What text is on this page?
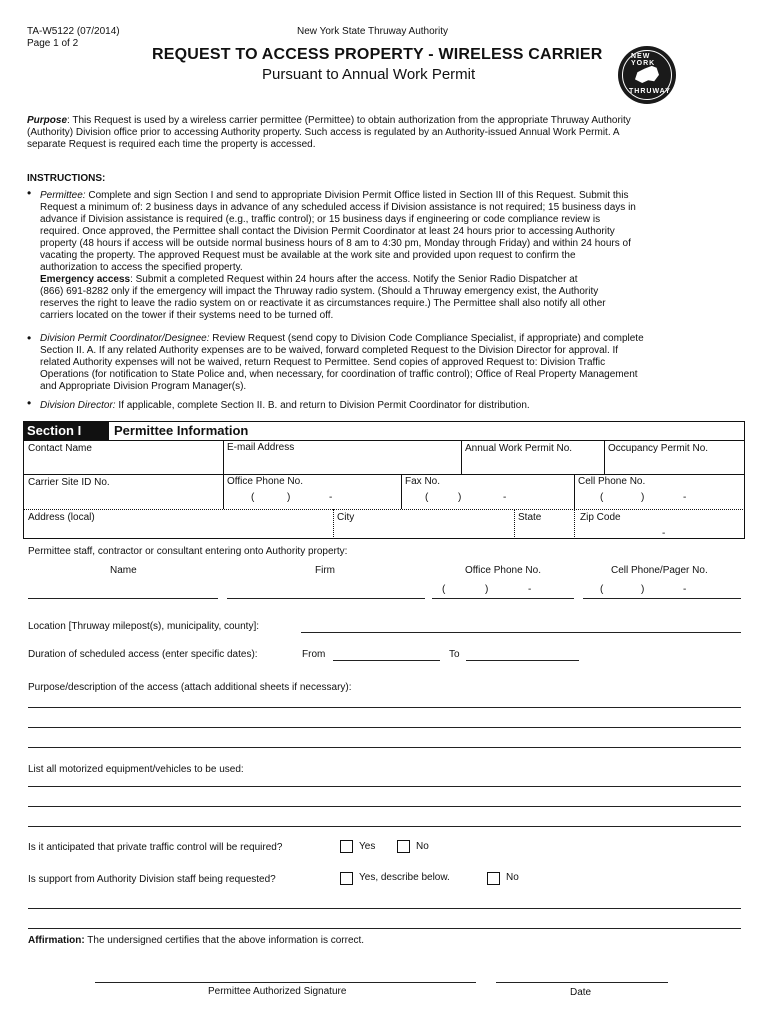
TA-W5122 (07/2014)
Page 1 of 2
New York State Thruway Authority
REQUEST TO ACCESS PROPERTY - WIRELESS CARRIER
Pursuant to Annual Work Permit
NEW YORK
THRUWAY
Purpose: This Request is used by a wireless carrier permittee (Permittee) to obtain authorization from the appropriate Thruway Authority
(Authority) Division office prior to accessing Authority property. Such access is regulated by an Authority-issued Annual Work Permit. A
separate Request is required each time the property is accessed.
INSTRUCTIONS:
• Permittee: Complete and sign Section I and send to appropriate Division Permit Office listed in Section III of this Request. Submit this
Request a minimum of: 2 business days in advance of any scheduled access if Division assistance is not required; 15 business days in
advance if Division assistance is required (e.g., traffic control); or 15 business days if engineering or code compliance review is
required. Once approved, the Permittee shall contact the Division Permit Coordinator at least 24 hours prior to accessing Authority
property (48 hours if access will be outside normal business hours of 8 am to 4:30 pm, Monday through Friday) and within 24 hours of
vacating the property. The approved Request must be available at the work site and provided upon request to confirm the
authorization to access the specified property.
Emergency access: Submit a completed Request within 24 hours after the access. Notify the Senior Radio Dispatcher at
(866) 691-8282 only if the emergency will impact the Thruway radio system. (Should a Thruway emergency exist, the Authority
reserves the right to leave the radio system on or reactivate it as circumstances require.) The Permittee shall also notify all other
carriers located on the tower if their systems need to be turned off.
• Division Permit Coordinator/Designee: Review Request (send copy to Division Code Compliance Specialist, if appropriate) and complete
Section II. A. If any related Authority expenses are to be waived, forward completed Request to the Division Director for approval. If
related Authority expenses will not be waived, return Request to Permittee. Send copies of approved Request to: Division Traffic
Operations (for notification to State Police and, when necessary, for coordination of traffic control); Office of Real Property Management
and Appropriate Division Program Manager(s).
• Division Director: If applicable, complete Section II. B. and return to Division Permit Coordinator for distribution.
Section I	Permittee Information
Contact Name	E-mail Address	Annual Work Permit No.	Occupancy Permit No.
Carrier Site ID No.	Office Phone No.	Fax No.	Cell Phone No.
(	)	-	(	)	-	(	)	-
Address (local)	City	State	Zip Code
-
Permittee staff, contractor or consultant entering onto Authority property:
Name	Firm	Office Phone No.	Cell Phone/Pager No.
(	)	-	(	)	-
Location [Thruway milepost(s), municipality, county]:
Duration of scheduled access (enter specific dates):	From	To
Purpose/description of the access (attach additional sheets if necessary):
List all motorized equipment/vehicles to be used:
Is it anticipated that private traffic control will be required?	Yes	No
Is support from Authority Division staff being requested?	Yes, describe below.	No
Affirmation: The undersigned certifies that the above information is correct.
Permittee Authorized Signature	Date
